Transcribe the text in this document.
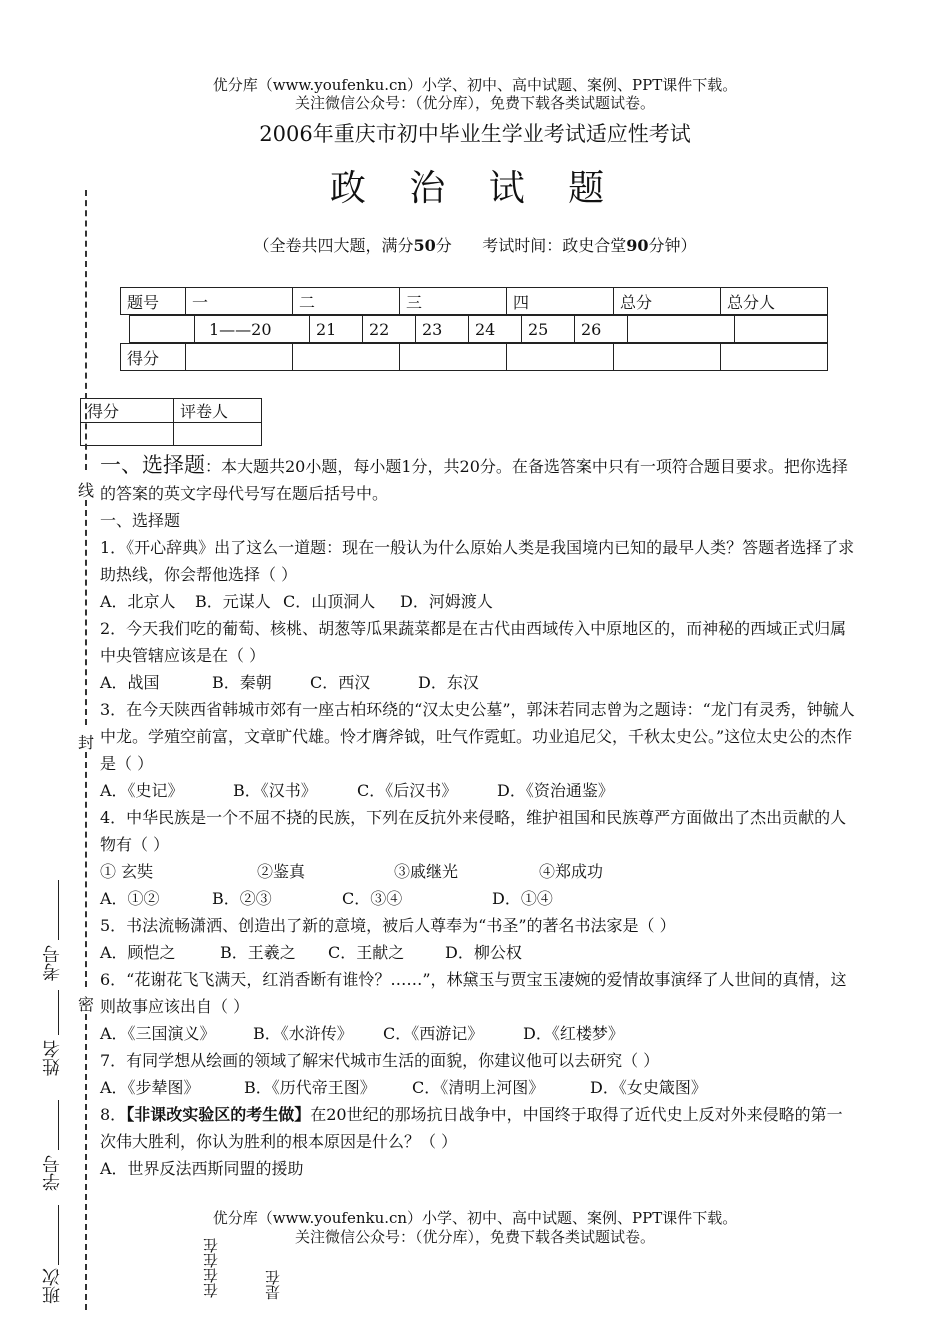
优分库（www.youfenku.cn）小学、初中、高中试题、案例、PPT课件下载。
关注微信公众号：（优分库），免费下载各类试题试卷。
2006年重庆市初中毕业生学业考试适应性考试
政 治 试 题
（全卷共四大题，满分50分      考试时间：政史合堂90分钟）
题号	一	二	三	四	总分	总分人
	1——20	21	22	23	24	25	26		
得分						
得分	评卷人

线
封
密
考号
姓名
学号
班次

一、选择题：本大题共20小题，每小题1分，共20分。在备选答案中只有一项符合题目要求。把你选择的答案的英文字母代号写在题后括号中。

一、选择题

1．《开心辞典》出了这么一道题：现在一般认为什么原始人类是我国境内已知的最早人类？答题者选择了求助热线，你会帮他选择（ ）

A．北京人 B．元谋人 C．山顶洞人 D．河姆渡人

2．今天我们吃的葡萄、核桃、胡葱等瓜果蔬菜都是在古代由西域传入中原地区的，而神秘的西域正式归属中央管辖应该是在（ ）

A．战国	B．秦朝 C．西汉	D．东汉

3．在今天陕西省韩城市郊有一座古柏环绕的“汉太史公墓”，郭沫若同志曾为之题诗：“龙门有灵秀，钟毓人中龙。学殖空前富，文章旷代雄。怜才膺斧钺，吐气作霓虹。功业追尼父，千秋太史公。”这位太史公的杰作是（ ）

A．《史记》	B．《汉书》	C．《后汉书》 D．《资治通鉴》

4．中华民族是一个不屈不挠的民族，下列在反抗外来侵略，维护祖国和民族尊严方面做出了杰出贡献的人物有（ ）

① 玄奘	②鉴真	③戚继光	④郑成功

A．①②	B．②③	C．③④	D．①④

5．书法流畅潇洒、创造出了新的意境，被后人尊奉为“书圣”的著名书法家是（ ）

A．顾恺之	B．王羲之 C．王献之	D．柳公权

6．“花谢花飞飞满天，红消香断有谁怜？……”，林黛玉与贾宝玉凄婉的爱情故事演绎了人世间的真情，这则故事应该出自（ ）

A．《三国演义》 B．《水浒传》 C．《西游记》 D．《红楼梦》

7．有同学想从绘画的领域了解宋代城市生活的面貌，你建议他可以去研究（ ）

A．《步辇图》	B．《历代帝王图》 C．《清明上河图》	D．《女史箴图》

8．【非课改实验区的考生做】在20世纪的那场抗日战争中，中国终于取得了近代史上反对外来侵略的第一次伟大胜利，你认为胜利的根本原因是什么？（ ）

A．世界反法西斯同盟的援助

优分库（www.youfenku.cn）小学、初中、高中试题、案例、PPT课件下载。
关注微信公众号：（优分库），免费下载各类试题试卷。
在在在在	是在
